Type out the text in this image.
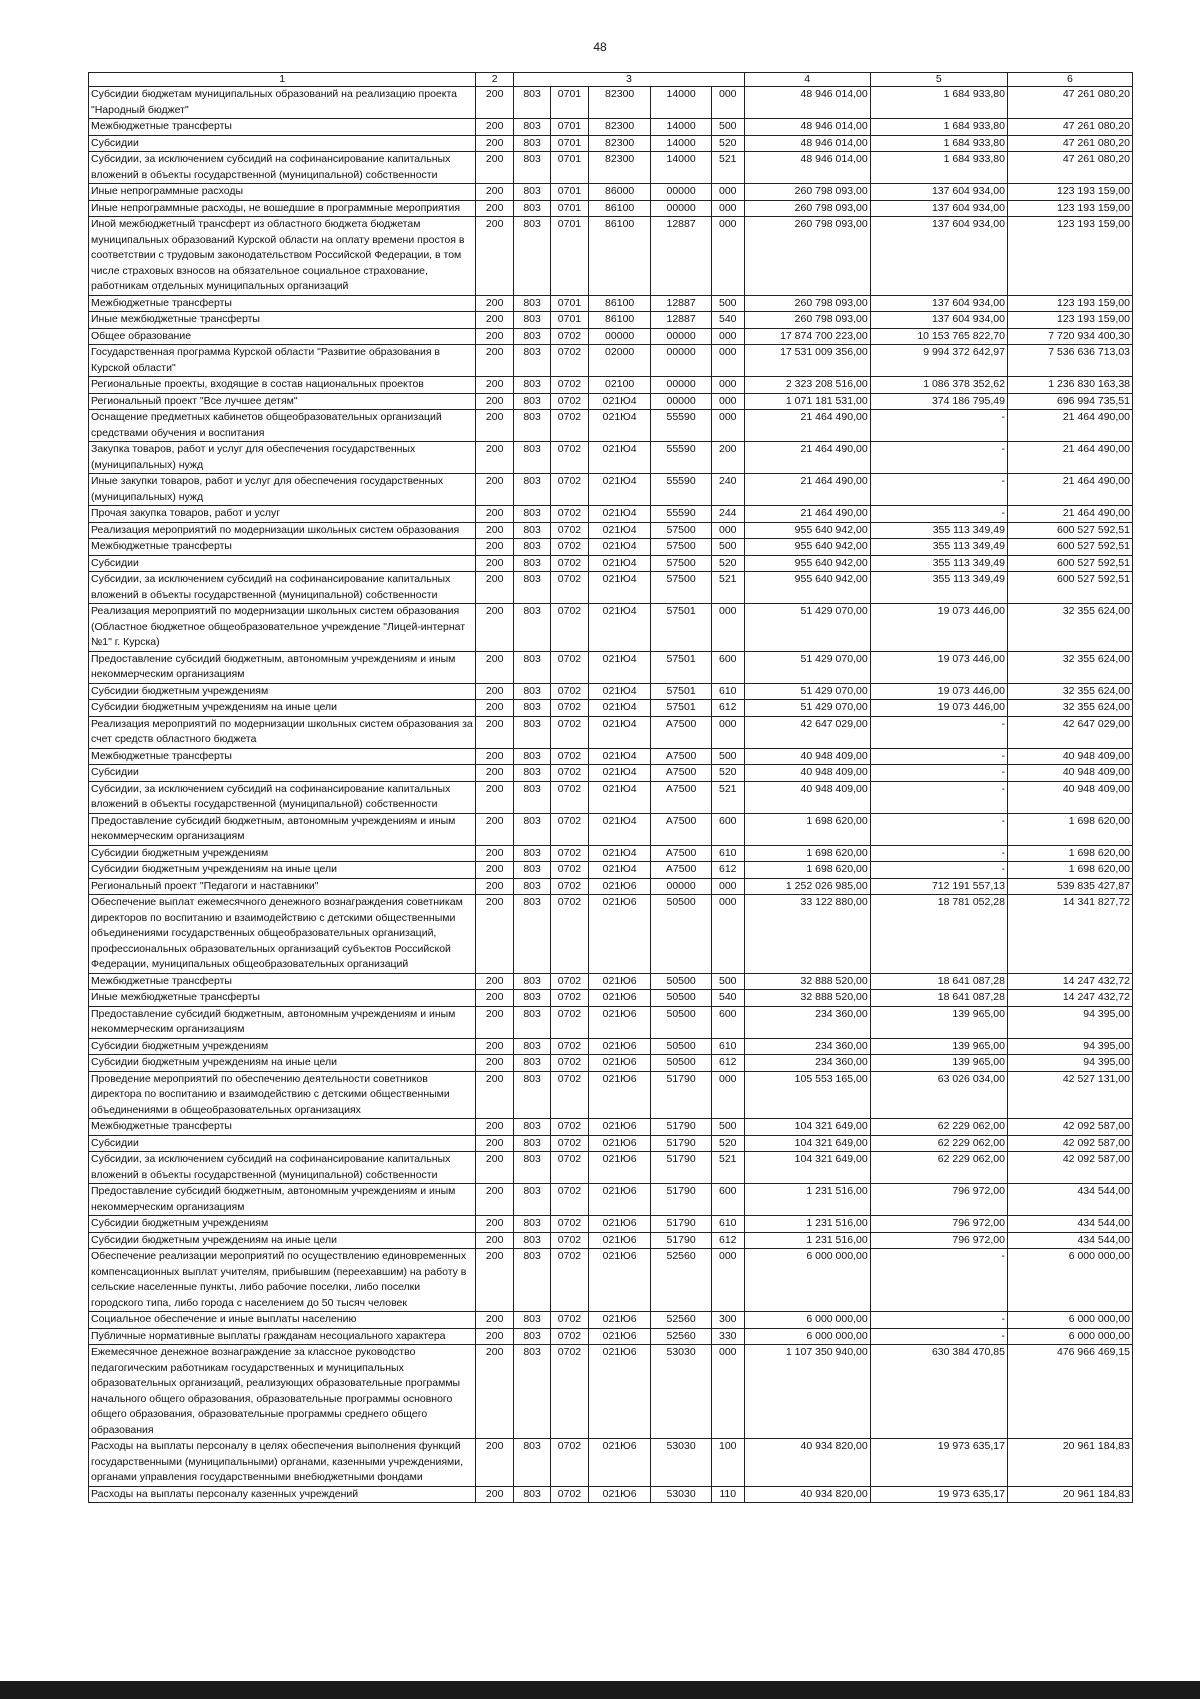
48
1	2	3					4	5	6
Субсидии бюджетам муниципальных образований на реализацию проекта "Народный бюджет"	200	803	0701	82300	14000	000	48 946 014,00	1 684 933,80	47 261 080,20
Межбюджетные трансферты	200	803	0701	82300	14000	500	48 946 014,00	1 684 933,80	47 261 080,20
Субсидии	200	803	0701	82300	14000	520	48 946 014,00	1 684 933,80	47 261 080,20
Субсидии, за исключением субсидий на софинансирование капитальных вложений в объекты государственной (муниципальной) собственности	200	803	0701	82300	14000	521	48 946 014,00	1 684 933,80	47 261 080,20
Иные непрограммные расходы	200	803	0701	86000	00000	000	260 798 093,00	137 604 934,00	123 193 159,00
Иные непрограммные расходы, не вошедшие в программные мероприятия	200	803	0701	86100	00000	000	260 798 093,00	137 604 934,00	123 193 159,00
Иной межбюджетный трансферт из областного бюджета бюджетам муниципальных образований Курской области на оплату времени простоя в соответствии с трудовым законодательством Российской Федерации, в том числе страховых взносов на обязательное социальное страхование, работникам отдельных муниципальных организаций	200	803	0701	86100	12887	000	260 798 093,00	137 604 934,00	123 193 159,00
Межбюджетные трансферты	200	803	0701	86100	12887	500	260 798 093,00	137 604 934,00	123 193 159,00
Иные межбюджетные трансферты	200	803	0701	86100	12887	540	260 798 093,00	137 604 934,00	123 193 159,00
Общее образование	200	803	0702	00000	00000	000	17 874 700 223,00	10 153 765 822,70	7 720 934 400,30
Государственная программа Курской области "Развитие образования в Курской области"	200	803	0702	02000	00000	000	17 531 009 356,00	9 994 372 642,97	7 536 636 713,03
Региональные проекты, входящие в состав национальных проектов	200	803	0702	02100	00000	000	2 323 208 516,00	1 086 378 352,62	1 236 830 163,38
Региональный проект "Все лучшее детям"	200	803	0702	021Ю4	00000	000	1 071 181 531,00	374 186 795,49	696 994 735,51
Оснащение предметных кабинетов общеобразовательных организаций средствами обучения и воспитания	200	803	0702	021Ю4	55590	000	21 464 490,00	-	21 464 490,00
Закупка товаров, работ и услуг для обеспечения государственных (муниципальных) нужд	200	803	0702	021Ю4	55590	200	21 464 490,00	-	21 464 490,00
Иные закупки товаров, работ и услуг для обеспечения государственных (муниципальных) нужд	200	803	0702	021Ю4	55590	240	21 464 490,00	-	21 464 490,00
Прочая закупка товаров, работ и услуг	200	803	0702	021Ю4	55590	244	21 464 490,00	-	21 464 490,00
Реализация мероприятий по модернизации школьных систем образования	200	803	0702	021Ю4	57500	000	955 640 942,00	355 113 349,49	600 527 592,51
Межбюджетные трансферты	200	803	0702	021Ю4	57500	500	955 640 942,00	355 113 349,49	600 527 592,51
Субсидии	200	803	0702	021Ю4	57500	520	955 640 942,00	355 113 349,49	600 527 592,51
Субсидии, за исключением субсидий на софинансирование капитальных вложений в объекты государственной (муниципальной) собственности	200	803	0702	021Ю4	57500	521	955 640 942,00	355 113 349,49	600 527 592,51
Реализация мероприятий по модернизации школьных систем образования (Областное бюджетное общеобразовательное учреждение "Лицей-интернат №1" г. Курска)	200	803	0702	021Ю4	57501	000	51 429 070,00	19 073 446,00	32 355 624,00
Предоставление субсидий бюджетным, автономным учреждениям и иным некоммерческим организациям	200	803	0702	021Ю4	57501	600	51 429 070,00	19 073 446,00	32 355 624,00
Субсидии бюджетным учреждениям	200	803	0702	021Ю4	57501	610	51 429 070,00	19 073 446,00	32 355 624,00
Субсидии бюджетным учреждениям на иные цели	200	803	0702	021Ю4	57501	612	51 429 070,00	19 073 446,00	32 355 624,00
Реализация мероприятий по модернизации школьных систем образования за счет средств областного бюджета	200	803	0702	021Ю4	А7500	000	42 647 029,00	-	42 647 029,00
Межбюджетные трансферты	200	803	0702	021Ю4	А7500	500	40 948 409,00	-	40 948 409,00
Субсидии	200	803	0702	021Ю4	А7500	520	40 948 409,00	-	40 948 409,00
Субсидии, за исключением субсидий на софинансирование капитальных вложений в объекты государственной (муниципальной) собственности	200	803	0702	021Ю4	А7500	521	40 948 409,00	-	40 948 409,00
Предоставление субсидий бюджетным, автономным учреждениям и иным некоммерческим организациям	200	803	0702	021Ю4	А7500	600	1 698 620,00	-	1 698 620,00
Субсидии бюджетным учреждениям	200	803	0702	021Ю4	А7500	610	1 698 620,00	-	1 698 620,00
Субсидии бюджетным учреждениям на иные цели	200	803	0702	021Ю4	А7500	612	1 698 620,00	-	1 698 620,00
Региональный проект "Педагоги и наставники"	200	803	0702	021Ю6	00000	000	1 252 026 985,00	712 191 557,13	539 835 427,87
Обеспечение выплат ежемесячного денежного вознаграждения советникам директоров по воспитанию и взаимодействию с детскими общественными объединениями государственных общеобразовательных организаций, профессиональных образовательных организаций субъектов Российской Федерации, муниципальных общеобразовательных организаций	200	803	0702	021Ю6	50500	000	33 122 880,00	18 781 052,28	14 341 827,72
Межбюджетные трансферты	200	803	0702	021Ю6	50500	500	32 888 520,00	18 641 087,28	14 247 432,72
Иные межбюджетные трансферты	200	803	0702	021Ю6	50500	540	32 888 520,00	18 641 087,28	14 247 432,72
Предоставление субсидий бюджетным, автономным учреждениям и иным некоммерческим организациям	200	803	0702	021Ю6	50500	600	234 360,00	139 965,00	94 395,00
Субсидии бюджетным учреждениям	200	803	0702	021Ю6	50500	610	234 360,00	139 965,00	94 395,00
Субсидии бюджетным учреждениям на иные цели	200	803	0702	021Ю6	50500	612	234 360,00	139 965,00	94 395,00
Проведение мероприятий по обеспечению деятельности советников директора по воспитанию и взаимодействию с детскими общественными объединениями в общеобразовательных организациях	200	803	0702	021Ю6	51790	000	105 553 165,00	63 026 034,00	42 527 131,00
Межбюджетные трансферты	200	803	0702	021Ю6	51790	500	104 321 649,00	62 229 062,00	42 092 587,00
Субсидии	200	803	0702	021Ю6	51790	520	104 321 649,00	62 229 062,00	42 092 587,00
Субсидии, за исключением субсидий на софинансирование капитальных вложений в объекты государственной (муниципальной) собственности	200	803	0702	021Ю6	51790	521	104 321 649,00	62 229 062,00	42 092 587,00
Предоставление субсидий бюджетным, автономным учреждениям и иным некоммерческим организациям	200	803	0702	021Ю6	51790	600	1 231 516,00	796 972,00	434 544,00
Субсидии бюджетным учреждениям	200	803	0702	021Ю6	51790	610	1 231 516,00	796 972,00	434 544,00
Субсидии бюджетным учреждениям на иные цели	200	803	0702	021Ю6	51790	612	1 231 516,00	796 972,00	434 544,00
Обеспечение реализации мероприятий по осуществлению единовременных компенсационных выплат учителям, прибывшим (переехавшим) на работу в сельские населенные пункты, либо рабочие поселки, либо поселки городского типа, либо города с населением до 50 тысяч человек	200	803	0702	021Ю6	52560	000	6 000 000,00	-	6 000 000,00
Социальное обеспечение и иные выплаты населению	200	803	0702	021Ю6	52560	300	6 000 000,00	-	6 000 000,00
Публичные нормативные выплаты гражданам несоциального характера	200	803	0702	021Ю6	52560	330	6 000 000,00	-	6 000 000,00
Ежемесячное денежное вознаграждение за классное руководство педагогическим работникам государственных и муниципальных образовательных организаций, реализующих образовательные программы начального общего образования, образовательные программы основного общего образования, образовательные программы среднего общего образования	200	803	0702	021Ю6	53030	000	1 107 350 940,00	630 384 470,85	476 966 469,15
Расходы на выплаты персоналу в целях обеспечения выполнения функций государственными (муниципальными) органами, казенными учреждениями, органами управления государственными внебюджетными фондами	200	803	0702	021Ю6	53030	100	40 934 820,00	19 973 635,17	20 961 184,83
Расходы на выплаты персоналу казенных учреждений	200	803	0702	021Ю6	53030	110	40 934 820,00	19 973 635,17	20 961 184,83
